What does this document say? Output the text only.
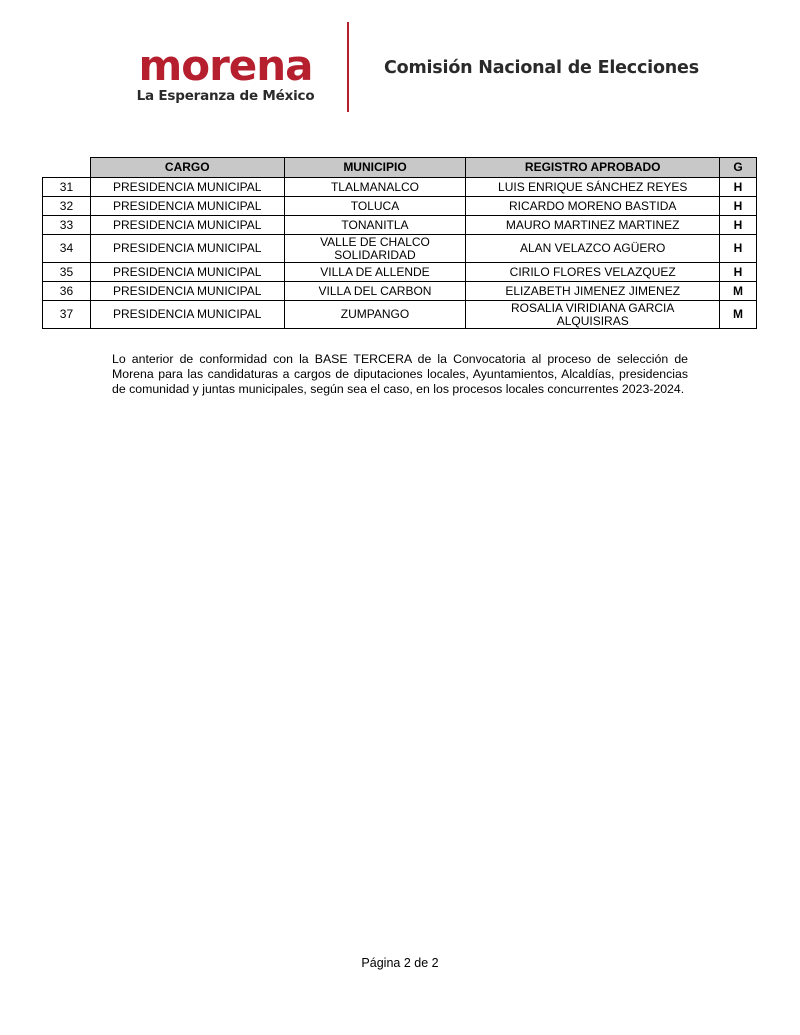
morena
La Esperanza de México
Comisión Nacional de Elecciones
	CARGO	MUNICIPIO	REGISTRO APROBADO	G
31	PRESIDENCIA MUNICIPAL	TLALMANALCO	LUIS ENRIQUE SÁNCHEZ REYES	H
32	PRESIDENCIA MUNICIPAL	TOLUCA	RICARDO MORENO BASTIDA	H
33	PRESIDENCIA MUNICIPAL	TONANITLA	MAURO MARTINEZ MARTINEZ	H
34	PRESIDENCIA MUNICIPAL	VALLE DE CHALCO SOLIDARIDAD	ALAN VELAZCO AGÜERO	H
35	PRESIDENCIA MUNICIPAL	VILLA DE ALLENDE	CIRILO FLORES VELAZQUEZ	H
36	PRESIDENCIA MUNICIPAL	VILLA DEL CARBON	ELIZABETH JIMENEZ JIMENEZ	M
37	PRESIDENCIA MUNICIPAL	ZUMPANGO	ROSALIA VIRIDIANA GARCIA ALQUISIRAS	M

Lo anterior de conformidad con la BASE TERCERA de la Convocatoria al proceso de selección de Morena para las candidaturas a cargos de diputaciones locales, Ayuntamientos, Alcaldías, presidencias de comunidad y juntas municipales, según sea el caso, en los procesos locales concurrentes 2023-2024.

Página 2 de 2
